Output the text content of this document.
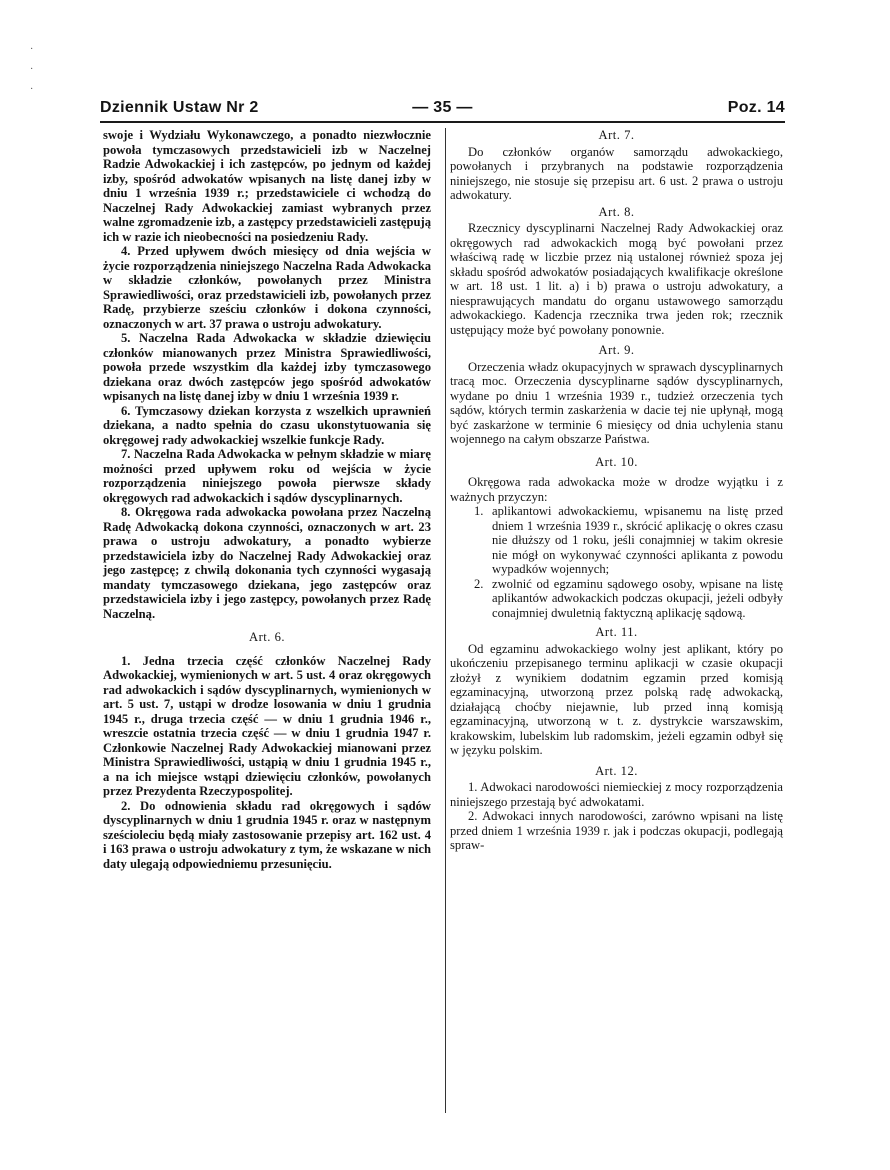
·
·
·
Dziennik Ustaw Nr 2	— 35 —	Poz. 14

swoje i Wydziału Wykonawczego, a ponadto niezwłocznie powoła tymczasowych przedstawicieli izb w Naczelnej Radzie Adwokackiej i ich zastępców, po jednym od każdej izby, spośród adwokatów wpisanych na listę danej izby w dniu 1 września 1939 r.; przedstawiciele ci wchodzą do Naczelnej Rady Adwokackiej zamiast wybranych przez walne zgromadzenie izb, a zastępcy przedstawicieli zastępują ich w razie ich nieobecności na posiedzeniu Rady.

4. Przed upływem dwóch miesięcy od dnia wejścia w życie rozporządzenia niniejszego Naczelna Rada Adwokacka w składzie członków, powołanych przez Ministra Sprawiedliwości, oraz przedstawicieli izb, powołanych przez Radę, przybierze sześciu członków i dokona czynności, oznaczonych w art. 37 prawa o ustroju adwokatury.

5. Naczelna Rada Adwokacka w składzie dziewięciu członków mianowanych przez Ministra Sprawiedliwości, powoła przede wszystkim dla każdej izby tymczasowego dziekana oraz dwóch zastępców jego spośród adwokatów wpisanych na listę danej izby w dniu 1 września 1939 r.

6. Tymczasowy dziekan korzysta z wszelkich uprawnień dziekana, a nadto spełnia do czasu ukonstytuowania się okręgowej rady adwokackiej wszelkie funkcje Rady.

7. Naczelna Rada Adwokacka w pełnym składzie w miarę możności przed upływem roku od wejścia w życie rozporządzenia niniejszego powoła pierwsze składy okręgowych rad adwokackich i sądów dyscyplinarnych.

8. Okręgowa rada adwokacka powołana przez Naczelną Radę Adwokacką dokona czynności, oznaczonych w art. 23 prawa o ustroju adwokatury, a ponadto wybierze przedstawiciela izby do Naczelnej Rady Adwokackiej oraz jego zastępcę; z chwilą dokonania tych czynności wygasają mandaty tymczasowego dziekana, jego zastępców oraz przedstawiciela izby i jego zastępcy, powołanych przez Radę Naczelną.

Art. 6.

1. Jedna trzecia część członków Naczelnej Rady Adwokackiej, wymienionych w art. 5 ust. 4 oraz okręgowych rad adwokackich i sądów dyscyplinarnych, wymienionych w art. 5 ust. 7, ustąpi w drodze losowania w dniu 1 grudnia 1945 r., druga trzecia część — w dniu 1 grudnia 1946 r., wreszcie ostatnia trzecia część — w dniu 1 grudnia 1947 r. Członkowie Naczelnej Rady Adwokackiej mianowani przez Ministra Sprawiedliwości, ustąpią w dniu 1 grudnia 1945 r., a na ich miejsce wstąpi dziewięciu członków, powołanych przez Prezydenta Rzeczypospolitej.

2. Do odnowienia składu rad okręgowych i sądów dyscyplinarnych w dniu 1 grudnia 1945 r. oraz w następnym sześcioleciu będą miały zastosowanie przepisy art. 162 ust. 4 i 163 prawa o ustroju adwokatury z tym, że wskazane w nich daty ulegają odpowiedniemu przesunięciu.

Art. 7.

Do członków organów samorządu adwokackiego, powołanych i przybranych na podstawie rozporządzenia niniejszego, nie stosuje się przepisu art. 6 ust. 2 prawa o ustroju adwokatury.

Art. 8.

Rzecznicy dyscyplinarni Naczelnej Rady Adwokackiej oraz okręgowych rad adwokackich mogą być powołani przez właściwą radę w liczbie przez nią ustalonej również spoza jej składu spośród adwokatów posiadających kwalifikacje określone w art. 18 ust. 1 lit. a) i b) prawa o ustroju adwokatury, a niesprawujących mandatu do organu ustawowego samorządu adwokackiego. Kadencja rzecznika trwa jeden rok; rzecznik ustępujący może być powołany ponownie.

Art. 9.

Orzeczenia władz okupacyjnych w sprawach dyscyplinarnych tracą moc. Orzeczenia dyscyplinarne sądów dyscyplinarnych, wydane po dniu 1 września 1939 r., tudzież orzeczenia tych sądów, których termin zaskarżenia w dacie tej nie upłynął, mogą być zaskarżone w terminie 6 miesięcy od dnia uchylenia stanu wojennego na całym obszarze Państwa.

Art. 10.

Okręgowa rada adwokacka może w drodze wyjątku i z ważnych przyczyn:

1. aplikantowi adwokackiemu, wpisanemu na listę przed dniem 1 września 1939 r., skrócić aplikację o okres czasu nie dłuższy od 1 roku, jeśli conajmniej w takim okresie nie mógł on wykonywać czynności aplikanta z powodu wypadków wojennych;
2. zwolnić od egzaminu sądowego osoby, wpisane na listę aplikantów adwokackich podczas okupacji, jeżeli odbyły conajmniej dwuletnią faktyczną aplikację sądową.

Art. 11.

Od egzaminu adwokackiego wolny jest aplikant, który po ukończeniu przepisanego terminu aplikacji w czasie okupacji złożył z wynikiem dodatnim egzamin przed komisją egzaminacyjną, utworzoną przez polską radę adwokacką, działającą choćby niejawnie, lub przed inną komisją egzaminacyjną, utworzoną w t. z. dystrykcie warszawskim, krakowskim, lubelskim lub radomskim, jeżeli egzamin odbył się w języku polskim.

Art. 12.

1. Adwokaci narodowości niemieckiej z mocy rozporządzenia niniejszego przestają być adwokatami.

2. Adwokaci innych narodowości, zarówno wpisani na listę przed dniem 1 września 1939 r. jak i podczas okupacji, podlegają spraw-
